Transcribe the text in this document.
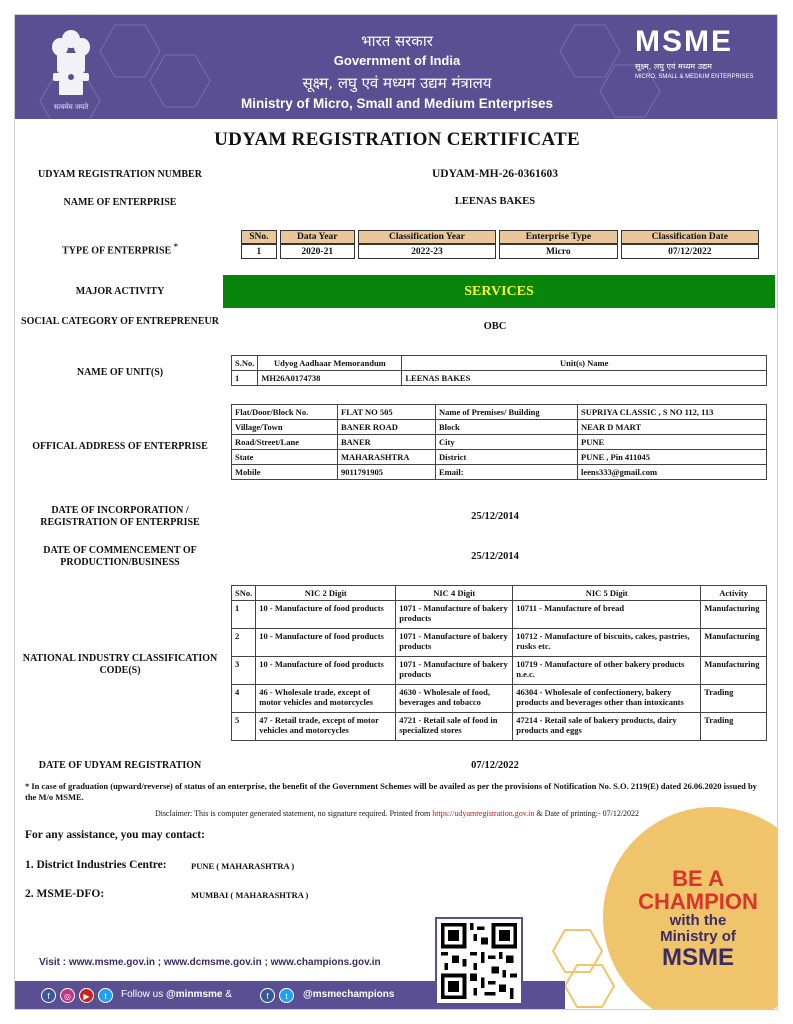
सत्यमेव जयते
भारत सरकार
Government of India
सूक्ष्म, लघु एवं मध्यम उद्यम मंत्रालय
Ministry of Micro, Small and Medium Enterprises
MSME
सूक्ष्म, लघु एवं मध्यम उद्यम
MICRO, SMALL & MEDIUM ENTERPRISES
UDYAM REGISTRATION CERTIFICATE
UDYAM REGISTRATION NUMBER	UDYAM-MH-26-0361603
NAME OF ENTERPRISE	LEENAS BAKES
TYPE OF ENTERPRISE *
SNo.	Data Year	Classification Year	Enterprise Type	Classification Date
1	2020-21	2022-23	Micro	07/12/2022
MAJOR ACTIVITY	SERVICES
SOCIAL CATEGORY OF ENTREPRENEUR	OBC
NAME OF UNIT(S)
S.No.	Udyog Aadhaar Memorandum	Unit(s) Name
1	MH26A0174738	LEENAS BAKES
OFFICAL ADDRESS OF ENTERPRISE
Flat/Door/Block No.	FLAT NO 505	Name of Premises/ Building	SUPRIYA CLASSIC , S NO 112, 113
Village/Town	BANER ROAD	Block	NEAR D MART
Road/Street/Lane	BANER	City	PUNE
State	MAHARASHTRA	District	PUNE , Pin 411045
Mobile	9011791905	Email:	leens333@gmail.com
DATE OF INCORPORATION / REGISTRATION OF ENTERPRISE
25/12/2014
DATE OF COMMENCEMENT OF PRODUCTION/BUSINESS
25/12/2014
NATIONAL INDUSTRY CLASSIFICATION CODE(S)
SNo.	NIC 2 Digit	NIC 4 Digit	NIC 5 Digit	Activity
1	10 - Manufacture of food products	1071 - Manufacture of bakery products	10711 - Manufacture of bread	Manufacturing
2	10 - Manufacture of food products	1071 - Manufacture of bakery products	10712 - Manufacture of biscuits, cakes, pastries, rusks etc.	Manufacturing
3	10 - Manufacture of food products	1071 - Manufacture of bakery products	10719 - Manufacture of other bakery products n.e.c.	Manufacturing
4	46 - Wholesale trade, except of motor vehicles and motorcycles	4630 - Wholesale of food, beverages and tobacco	46304 - Wholesale of confectionery, bakery products and beverages other than intoxicants	Trading
5	47 - Retail trade, except of motor vehicles and motorcycles	4721 - Retail sale of food in specialized stores	47214 - Retail sale of bakery products, dairy products and eggs	Trading
DATE OF UDYAM REGISTRATION	07/12/2022
* In case of graduation (upward/reverse) of status of an enterprise, the benefit of the Government Schemes will be availed as per the provisions of Notification No. S.O. 2119(E) dated 26.06.2020 issued by the M/o MSME.
Disclaimer: This is computer generated statement, no signature required. Printed from https://udyamregistration.gov.in & Date of printing:- 07/12/2022
For any assistance, you may contact:
1. District Industries Centre:	PUNE ( MAHARASHTRA )
2. MSME-DFO:	MUMBAI ( MAHARASHTRA )
BE A
CHAMPION
with the
Ministry of
MSME
Visit : www.msme.gov.in ; www.dcmsme.gov.in ; www.champions.gov.in
f	◎	▶	t	Follow us @minmsme &	f	t	@msmechampions
